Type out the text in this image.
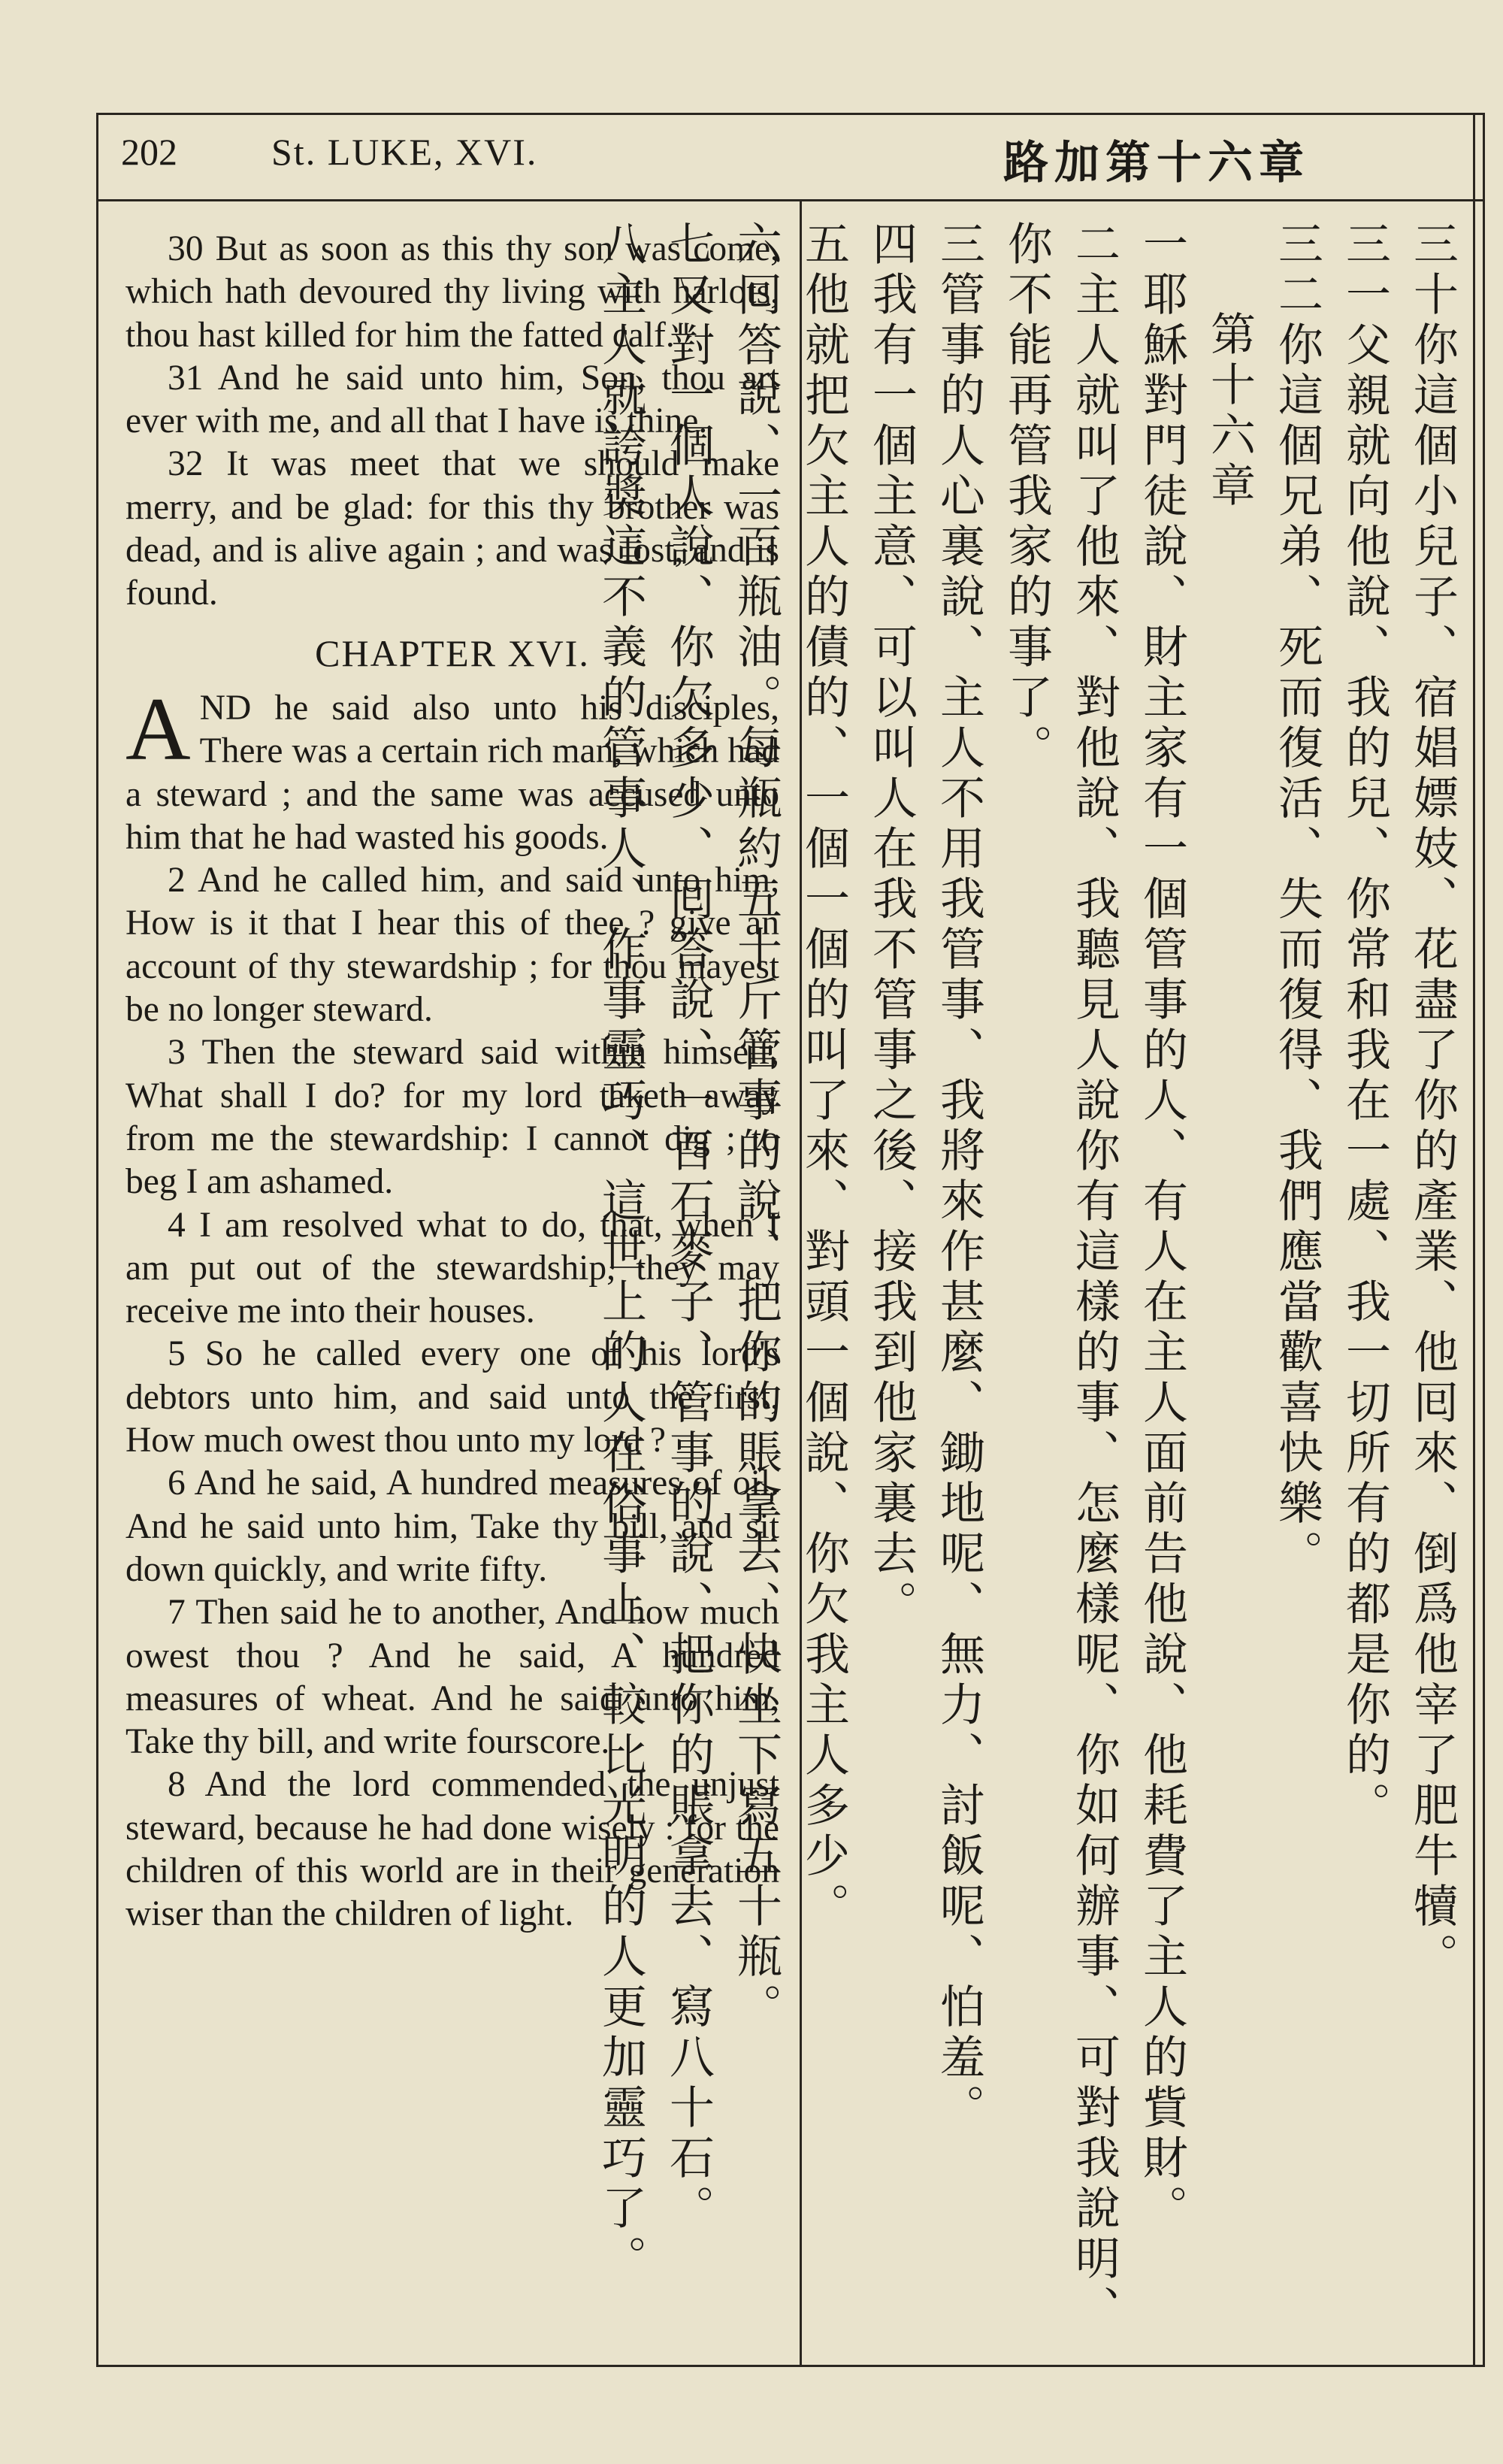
202	St. LUKE, XVI.	路加第十六章

30 But as soon as this thy son was come, which hath devoured thy living with harlots, thou hast killed for him the fatted calf.

31 And he said unto him, Son, thou art ever with me, and all that I have is thine.

32 It was meet that we should make merry, and be glad: for this thy brother was dead, and is alive again ; and was lost, and is found.

CHAPTER XVI.

AND he said also unto his disciples, There was a certain rich man, which had a steward ; and the same was accused unto him that he had wasted his goods.

2 And he called him, and said unto him, How is it that I hear this of thee ? give an account of thy stewardship ; for thou mayest be no longer steward.

3 Then the steward said within himself, What shall I do? for my lord taketh away from me the stewardship: I cannot dig ; to beg I am ashamed.

4 I am resolved what to do, that, when I am put out of the stewardship, they may receive me into their houses.

5 So he called every one of his lord's debtors unto him, and said unto the first, How much owest thou unto my lord ?

6 And he said, A hundred measures of oil. And he said unto him, Take thy bill, and sit down quickly, and write fifty.

7 Then said he to another, And how much owest thou ? And he said, A hundred measures of wheat. And he said unto him, Take thy bill, and write fourscore.

8 And the lord commended the unjust steward, because he had done wisely : for the children of this world are in their generation wiser than the children of light.	三十你這個小兒子、宿娼嫖妓、花盡了你的產業、他囘來、倒爲他宰了肥牛犢。

三一父親就向他說、我的兒、你常和我在一處、我一切所有的都是你的。

三二你這個兄弟、死而復活、失而復得、我們應當歡喜快樂。

第十六章

一耶穌對門徒說、財主家有一個管事的人、有人在主人面前告他說、他耗費了主人的貲財。

二主人就叫了他來、對他說、我聽見人說你有這樣的事、怎麼樣呢、你如何辦事、可對我說明、你不能再管我家的事了。

三管事的人心裏說、主人不用我管事、我將來作甚麼、鋤地呢、無力、討飯呢、怕羞。

四我有一個主意、可以叫人在我不管事之後、接我到他家裏去。

五他就把欠主人的債的、一個一個的叫了來、對頭一個說、你欠我主人多少。

六囘答說、一百瓶油。每瓶約五十斤管事的說、把你的賬拿去、快坐下寫五十瓶。

七又對一個人說、你欠多少、囘答說、一百石麥子、管事的說、把你的賬拿去、寫八十石。

八主人就誇奬這不義的管事人、作事靈巧、這世上的人在俗事上、較比光明的人更加靈巧了。
